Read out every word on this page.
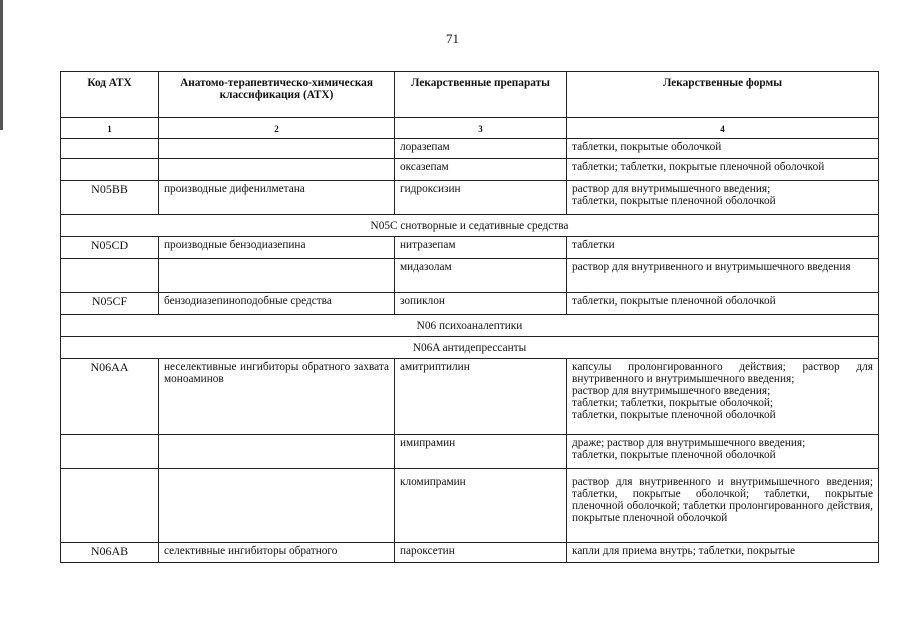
71
Код АТХ	Анатомо-терапевтическо-химическая классификация (АТХ)	Лекарственные препараты	Лекарственные формы
1	2	3	4
		лоразепам	таблетки, покрытые оболочкой

		оксазепам	таблетки; таблетки, покрытые пленочной оболочкой

N05BB	производные дифенилметана	гидроксизин	раствор для внутримышечного введения;
таблетки, покрытые пленочной оболочкой

N05C снотворные и седативные средства			
N05CD	производные бензодиазепина	нитразепам	таблетки

		мидазолам	раствор для внутривенного и внутримышечного введения

N05CF	бензодиазепиноподобные средства	зопиклон	таблетки, покрытые пленочной оболочкой

N06 психоаналептики			
N06A антидепрессанты			
N06AA	неселективные ингибиторы обратного захвата моноаминов	амитриптилин	капсулы пролонгированного действия; раствор для внутривенного и внутримышечного введения;
раствор для внутримышечного введения;
таблетки; таблетки, покрытые оболочкой;
таблетки, покрытые пленочной оболочкой

		имипрамин	драже; раствор для внутримышечного введения;
таблетки, покрытые пленочной оболочкой

		кломипрамин	раствор для внутривенного и внутримышечного введения; таблетки, покрытые оболочкой; таблетки, покрытые пленочной оболочкой; таблетки пролонгированного действия, покрытые пленочной оболочкой

N06AB	селективные ингибиторы обратного	пароксетин	капли для приема внутрь; таблетки, покрытые
